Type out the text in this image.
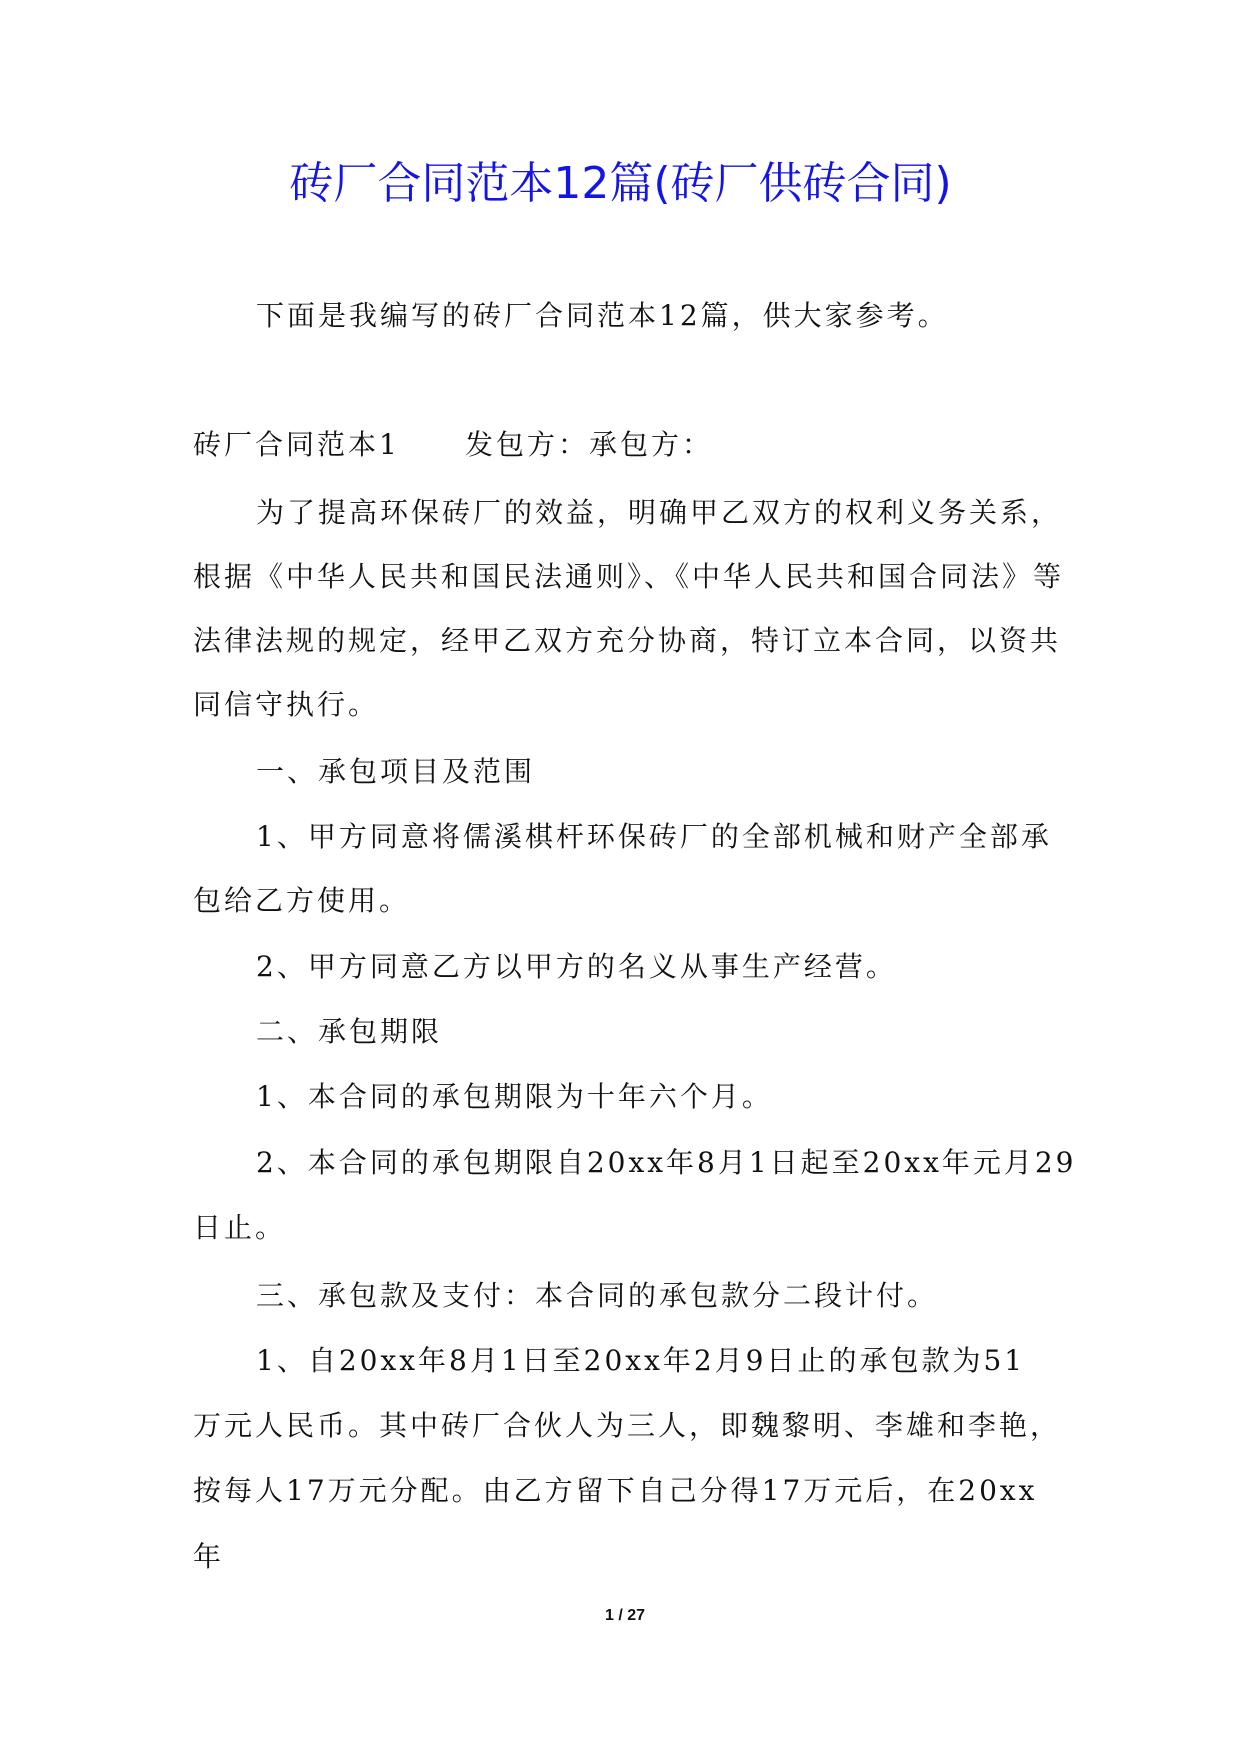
砖厂合同范本12篇(砖厂供砖合同)
下面是我编写的砖厂合同范本12篇，供大家参考。
砖厂合同范本1 发包方：承包方：
为了提高环保砖厂的效益，明确甲乙双方的权利义务关系，
根据《中华人民共和国民法通则》、《中华人民共和国合同法》等
法律法规的规定，经甲乙双方充分协商，特订立本合同，以资共
同信守执行。
一、承包项目及范围
1、甲方同意将儒溪棋杆环保砖厂的全部机械和财产全部承
包给乙方使用。
2、甲方同意乙方以甲方的名义从事生产经营。
二、承包期限
1、本合同的承包期限为十年六个月。
2、本合同的承包期限自20xx年8月1日起至20xx年元月29
日止。
三、承包款及支付：本合同的承包款分二段计付。
1、自20xx年8月1日至20xx年2月9日止的承包款为51
万元人民币。其中砖厂合伙人为三人，即魏黎明、李雄和李艳，
按每人17万元分配。由乙方留下自己分得17万元后，在20xx
年
1 / 27
